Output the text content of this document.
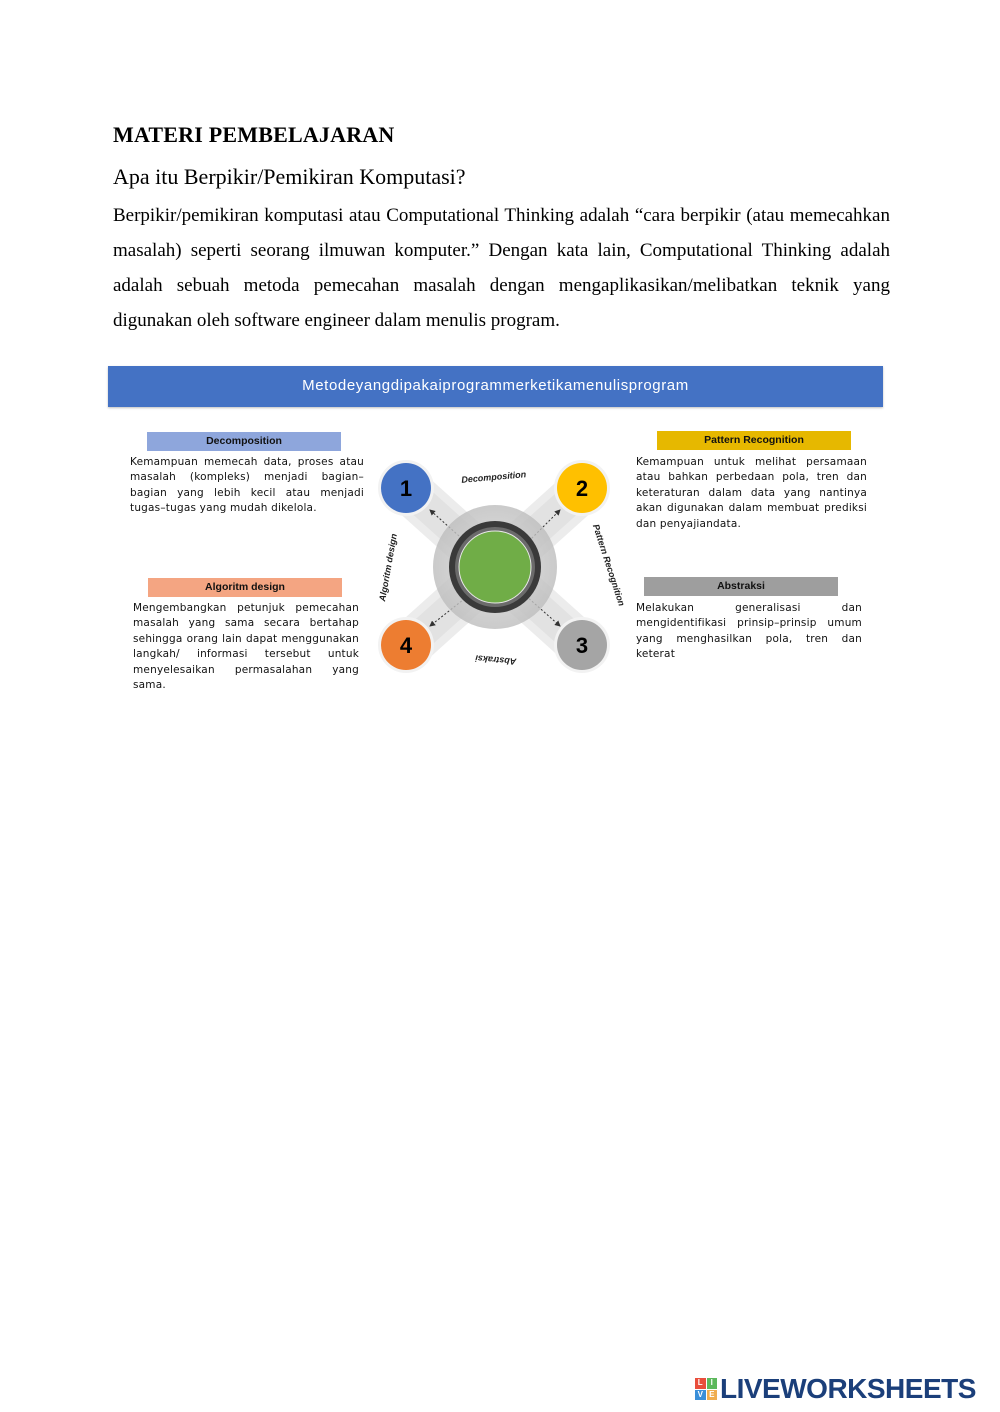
MATERI PEMBELAJARAN
Apa itu Berpikir/Pemikiran Komputasi?
Berpikir/pemikiran komputasi atau Computational Thinking adalah “cara berpikir (atau memecahkan masalah) seperti seorang ilmuwan komputer.” Dengan kata lain, Computational Thinking adalah adalah sebuah metoda pemecahan masalah dengan mengaplikasikan/melibatkan teknik yang digunakan oleh software engineer dalam menulis program.
Metodeyangdipakaiprogrammerketikamenulisprogram
Decomposition
Kemampuan memecah data, proses atau masalah (kompleks) menjadi bagian–bagian yang lebih kecil atau menjadi tugas–tugas yang mudah dikelola.
Pattern Recognition
Kemampuan untuk melihat persamaan atau bahkan perbedaan pola, tren dan keteraturan dalam data yang nantinya akan digunakan dalam membuat prediksi dan penyajiandata.
Abstraksi
Melakukan generalisasi dan mengidentifikasi prinsip–prinsip umum yang menghasilkan pola, tren dan keterat
Algoritm design
Mengembangkan petunjuk pemecahan masalah yang sama secara bertahap sehingga orang lain dapat menggunakan langkah/ informasi tersebut untuk menyelesaikan permasalahan yang sama.
1	2
3
4
Decomposition
Pattern Recognition
Abstraksi
Algoritm design
L I
V E LIVEWORKSHEETS
